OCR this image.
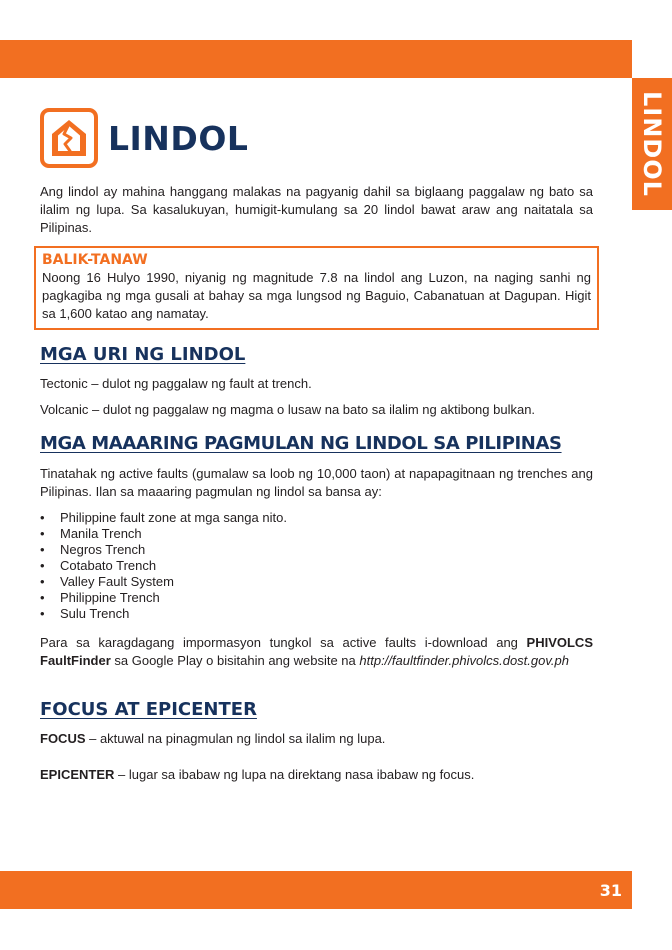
LINDOL
LINDOL

Ang lindol ay mahina hanggang malakas na pagyanig dahil sa biglaang paggalaw ng bato sa ilalim ng lupa. Sa kasalukuyan, humigit-kumulang sa 20 lindol bawat araw ang naitatala sa Pilipinas.

BALIK-TANAW

Noong 16 Hulyo 1990, niyanig ng magnitude 7.8 na lindol ang Luzon, na naging sanhi ng pagkagiba ng mga gusali at bahay sa mga lungsod ng Baguio, Cabanatuan at Dagupan. Higit sa 1,600 katao ang namatay.

MGA URI NG LINDOL

Tectonic – dulot ng paggalaw ng fault at trench.

Volcanic – dulot ng paggalaw ng magma o lusaw na bato sa ilalim ng aktibong bulkan.

MGA MAAARING PAGMULAN NG LINDOL SA PILIPINAS

Tinatahak ng active faults (gumalaw sa loob ng 10,000 taon) at napapagitnaan ng trenches ang Pilipinas. Ilan sa maaaring pagmulan ng lindol sa bansa ay:

• Philippine fault zone at mga sanga nito.
• Manila Trench
• Negros Trench
• Cotabato Trench
• Valley Fault System
• Philippine Trench
• Sulu Trench

Para sa karagdagang impormasyon tungkol sa active faults i-download ang PHIVOLCS FaultFinder sa Google Play o bisitahin ang website na http://faultfinder.phivolcs.dost.gov.ph

FOCUS AT EPICENTER

FOCUS – aktuwal na pinagmulan ng lindol sa ilalim ng lupa.

EPICENTER – lugar sa ibabaw ng lupa na direktang nasa ibabaw ng focus.

31
